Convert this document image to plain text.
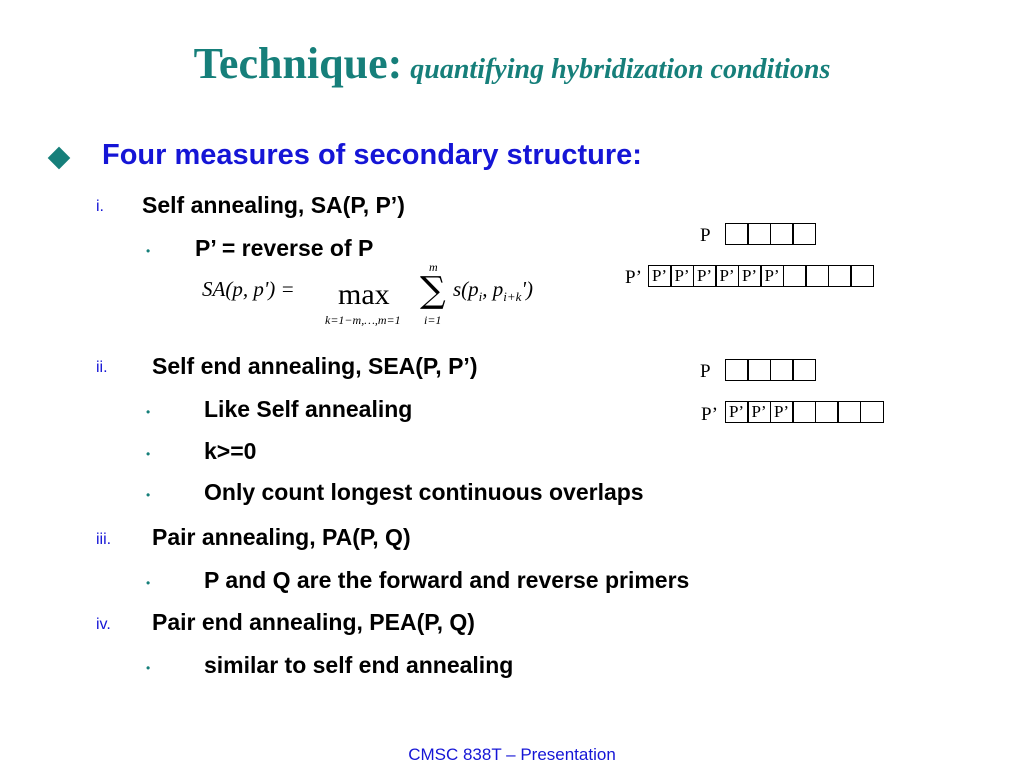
Technique: quantifying hybridization conditions
Four measures of secondary structure:
i. Self annealing, SA(P, P’)
• P’ = reverse of P
SA(p, p') = max
k=1−m,…,m=1
m
∑
i=1
$s(p_i$, $p_{i+k}'$)
ii. Self end annealing, SEA(P, P’)
• Like Self annealing
• k>=0
• Only count longest continuous overlaps
iii. Pair annealing, PA(P, Q)
• P and Q are the forward and reverse primers
iv. Pair end annealing, PEA(P, Q)
• similar to self end annealing
P
P’ P’ P’ P’ P’ P’ P’
P
P’ P’ P’ P’
CMSC 838T – Presentation
